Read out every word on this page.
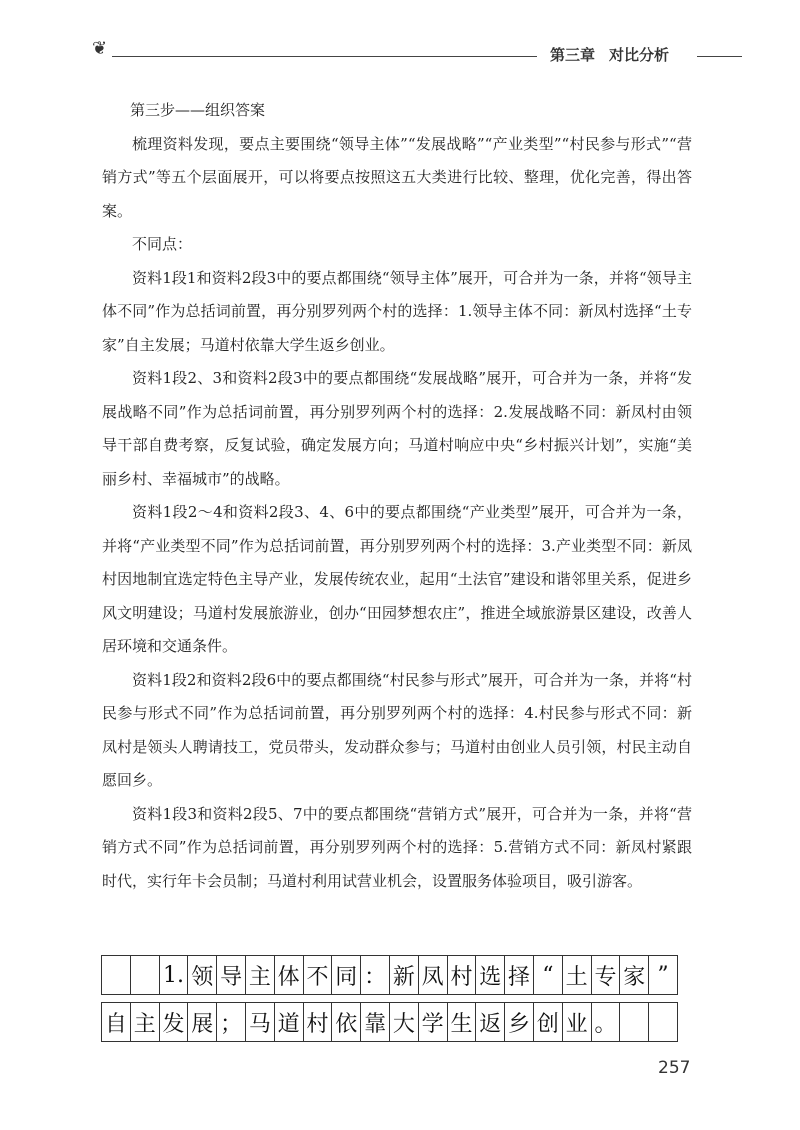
❦	第三章 对比分析

第三步——组织答案

梳理资料发现，要点主要围绕“领导主体”“发展战略”“产业类型”“村民参与形式”“营销方式”等五个层面展开，可以将要点按照这五大类进行比较、整理，优化完善，得出答案。

不同点：

资料1段1和资料2段3中的要点都围绕“领导主体”展开，可合并为一条，并将“领导主体不同”作为总括词前置，再分别罗列两个村的选择：1.领导主体不同：新凤村选择“土专家”自主发展；马道村依靠大学生返乡创业。

资料1段2、3和资料2段3中的要点都围绕“发展战略”展开，可合并为一条，并将“发展战略不同”作为总括词前置，再分别罗列两个村的选择：2.发展战略不同：新凤村由领导干部自费考察，反复试验，确定发展方向；马道村响应中央“乡村振兴计划”，实施“美丽乡村、幸福城市”的战略。

资料1段2～4和资料2段3、4、6中的要点都围绕“产业类型”展开，可合并为一条，并将“产业类型不同”作为总括词前置，再分别罗列两个村的选择：3.产业类型不同：新凤村因地制宜选定特色主导产业，发展传统农业，起用“土法官”建设和谐邻里关系，促进乡风文明建设；马道村发展旅游业，创办“田园梦想农庄”，推进全域旅游景区建设，改善人居环境和交通条件。

资料1段2和资料2段6中的要点都围绕“村民参与形式”展开，可合并为一条，并将“村民参与形式不同”作为总括词前置，再分别罗列两个村的选择：4.村民参与形式不同：新凤村是领头人聘请技工，党员带头，发动群众参与；马道村由创业人员引领，村民主动自愿回乡。

资料1段3和资料2段5、7中的要点都围绕“营销方式”展开，可合并为一条，并将“营销方式不同”作为总括词前置，再分别罗列两个村的选择：5.营销方式不同：新凤村紧跟时代，实行年卡会员制；马道村利用试营业机会，设置服务体验项目，吸引游客。

1. 领 导 主 体 不 同 ： 新 凤 村 选 择 “ 土 专 家 ”
自 主 发 展 ； 马 道 村 依 靠 大 学 生 返 乡 创 业 。
257
